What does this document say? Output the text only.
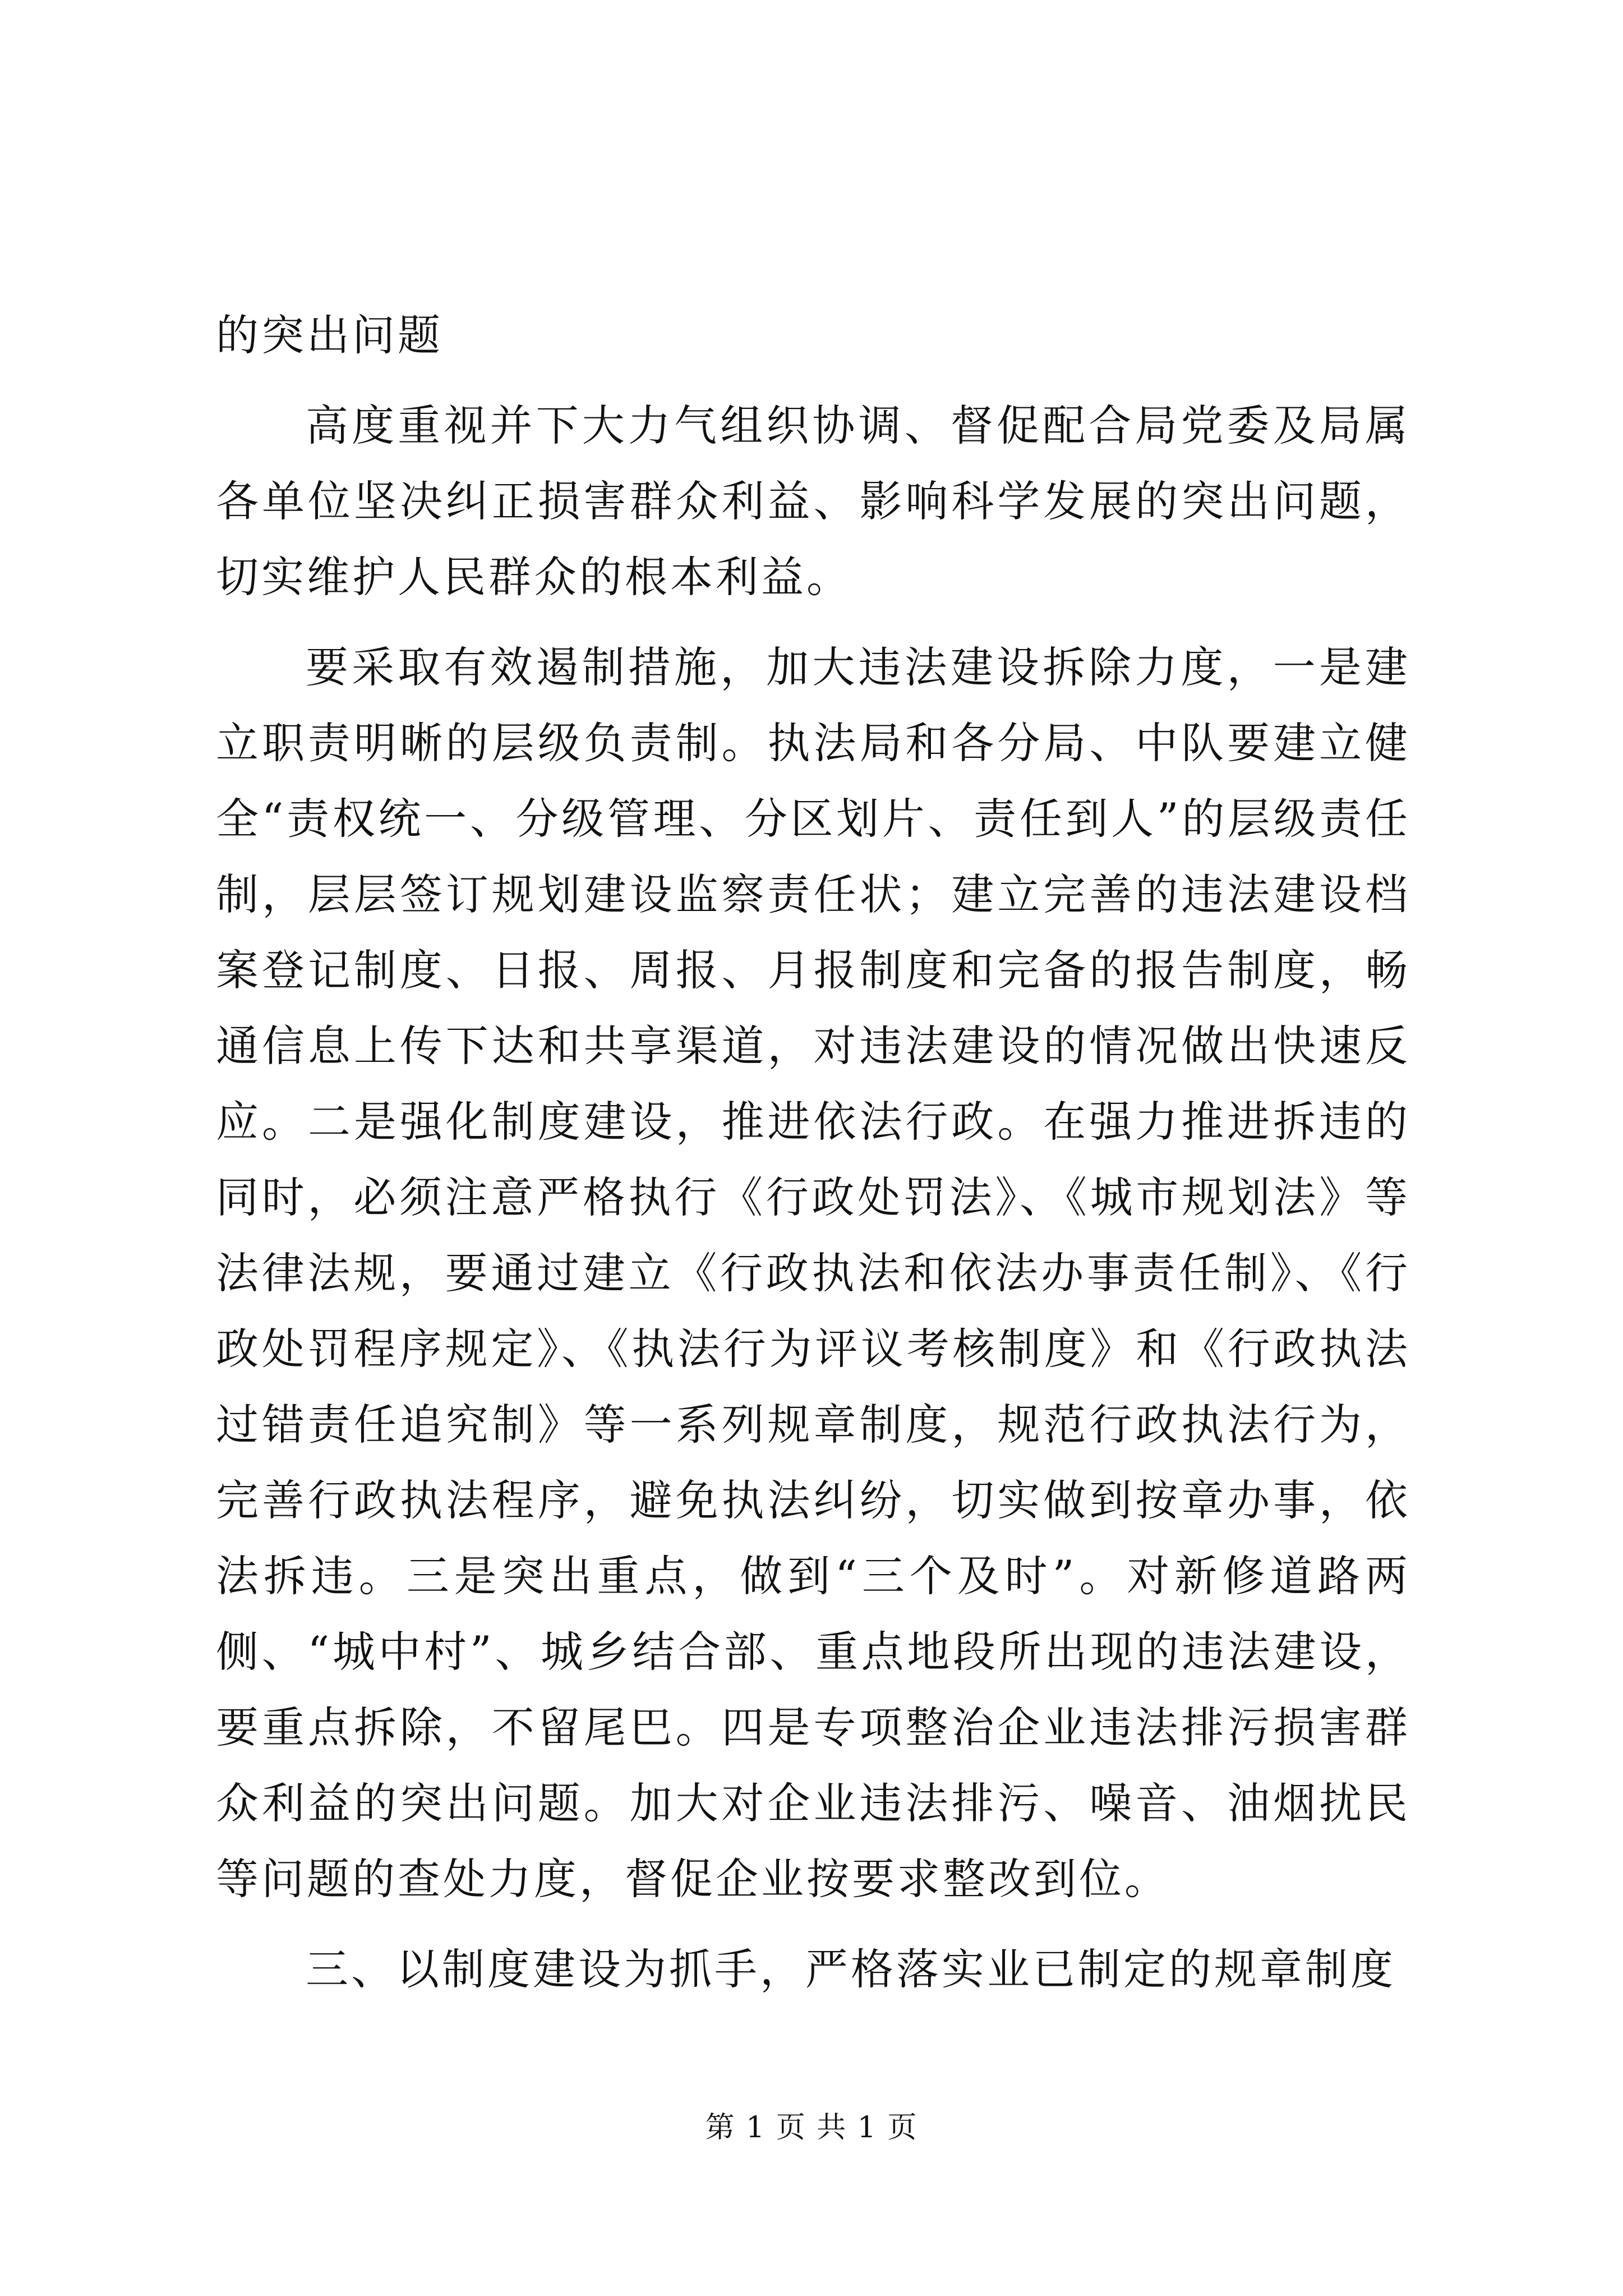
的突出问题

高度重视并下大力气组织协调、督促配合局党委及局属各单位坚决纠正损害群众利益、影响科学发展的突出问题，切实维护人民群众的根本利益。

要采取有效遏制措施，加大违法建设拆除力度，一是建立职责明晰的层级负责制。执法局和各分局、中队要建立健全“责权统一、分级管理、分区划片、责任到人”的层级责任制，层层签订规划建设监察责任状；建立完善的违法建设档案登记制度、日报、周报、月报制度和完备的报告制度，畅通信息上传下达和共享渠道，对违法建设的情况做出快速反应。二是强化制度建设，推进依法行政。在强力推进拆违的同时，必须注意严格执行《行政处罚法》、《城市规划法》等法律法规，要通过建立《行政执法和依法办事责任制》、《行政处罚程序规定》、《执法行为评议考核制度》和《行政执法过错责任追究制》等一系列规章制度，规范行政执法行为，完善行政执法程序，避免执法纠纷，切实做到按章办事，依法拆违。三是突出重点，做到“三个及时”。对新修道路两侧、“城中村”、城乡结合部、重点地段所出现的违法建设，要重点拆除，不留尾巴。四是专项整治企业违法排污损害群众利益的突出问题。加大对企业违法排污、噪音、油烟扰民等问题的查处力度，督促企业按要求整改到位。

三、以制度建设为抓手，严格落实业已制定的规章制度

第 1 页 共 1 页
